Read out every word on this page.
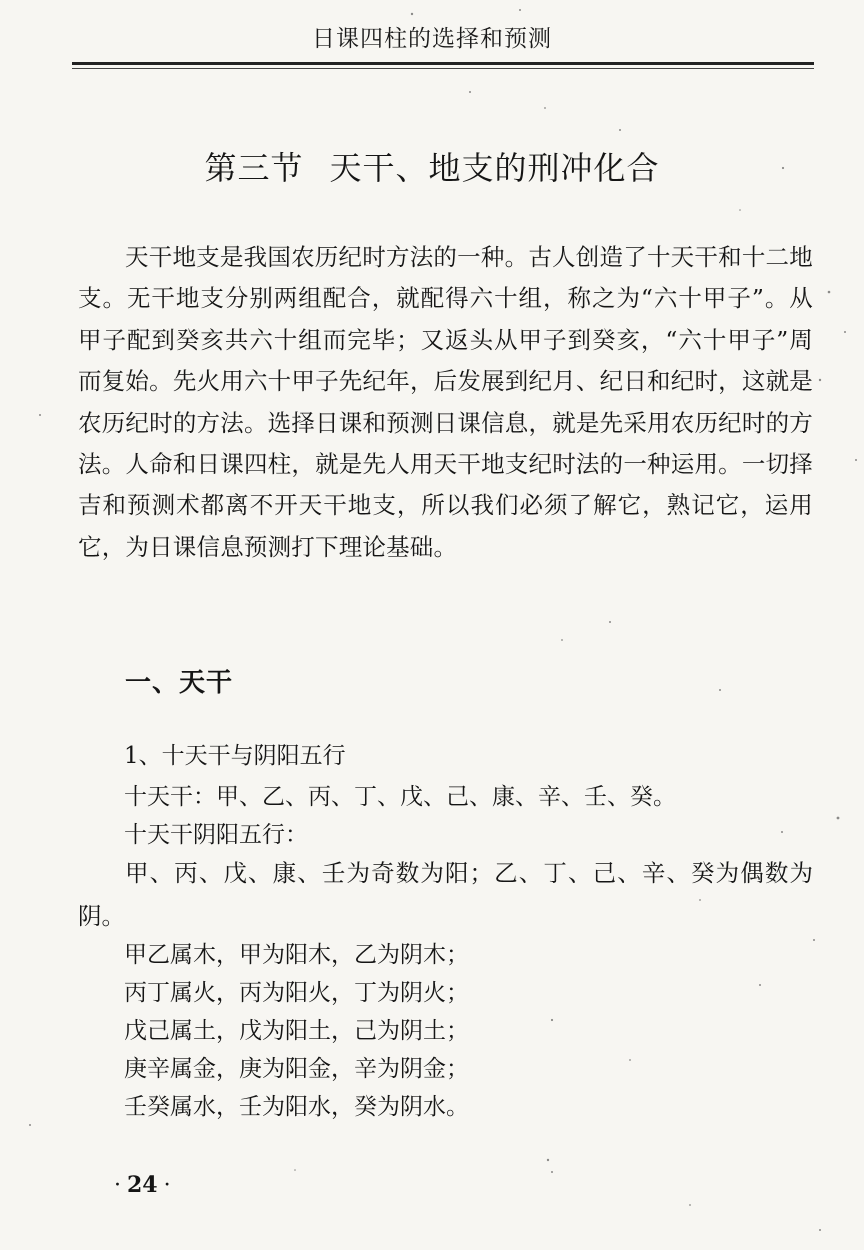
日课四柱的选择和预测
第三节 天干、地支的刑冲化合

天干地支是我国农历纪时方法的一种。古人创造了十天干和十二地支。无干地支分别两组配合，就配得六十组，称之为“六十甲子”。从甲子配到癸亥共六十组而完毕；又返头从甲子到癸亥，“六十甲子”周而复始。先火用六十甲子先纪年，后发展到纪月、纪日和纪时，这就是农历纪时的方法。选择日课和预测日课信息，就是先采用农历纪时的方法。人命和日课四柱，就是先人用天干地支纪时法的一种运用。一切择吉和预测术都离不开天干地支，所以我们必须了解它，熟记它，运用它，为日课信息预测打下理论基础。

一、天干
1、十天干与阴阳五行
十天干：甲、乙、丙、丁、戊、己、康、辛、壬、癸。
十天干阴阳五行：

甲、丙、戊、康、壬为奇数为阳；乙、丁、己、辛、癸为偶数为阴。

甲乙属木，甲为阳木，乙为阴木；
丙丁属火，丙为阳火，丁为阴火；
戊己属土，戊为阳土，己为阴土；
庚辛属金，庚为阳金，辛为阴金；
壬癸属水，壬为阳水，癸为阴水。
· 24 ·
